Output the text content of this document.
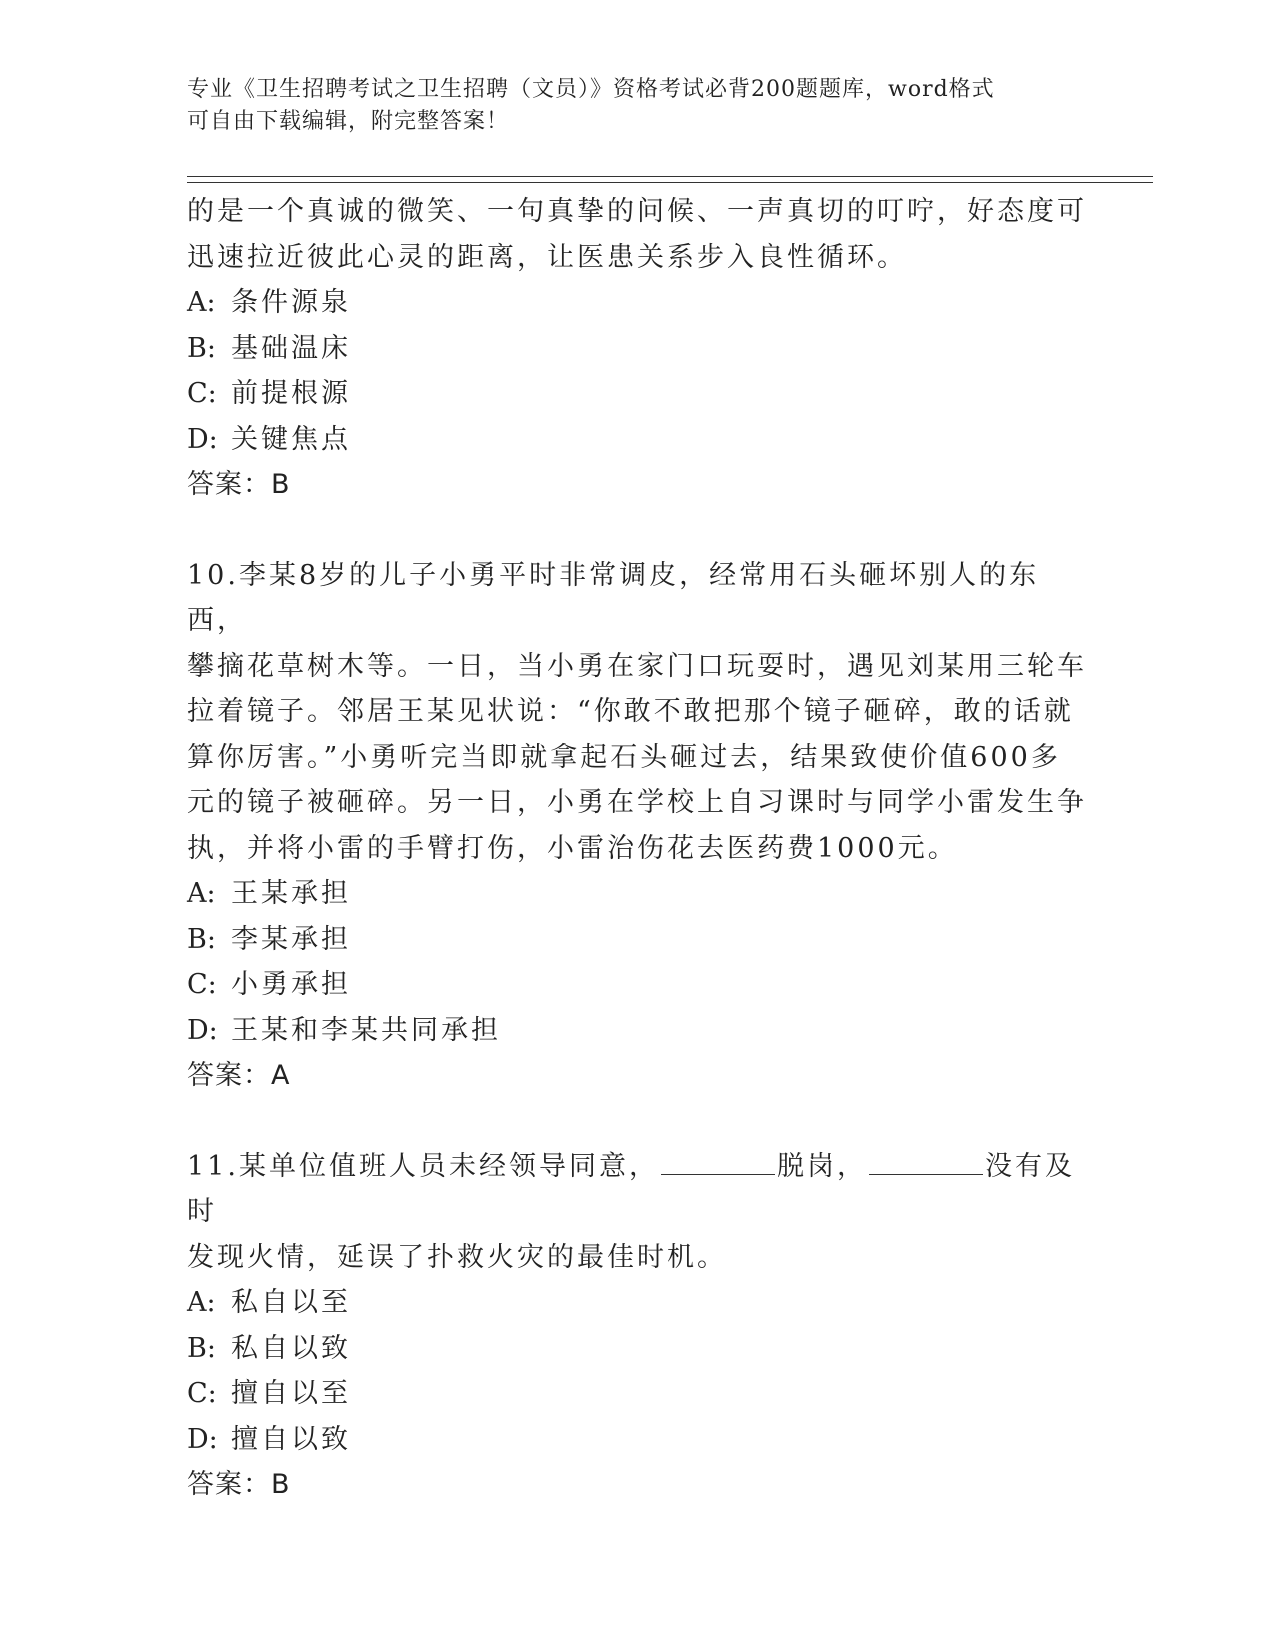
专业《卫生招聘考试之卫生招聘（文员）》资格考试必背200题题库，word格式
可自由下载编辑，附完整答案！

的是一个真诚的微笑、一句真挚的问候、一声真切的叮咛，好态度可

迅速拉近彼此心灵的距离，让医患关系步入良性循环。

A: 条件源泉

B: 基础温床

C: 前提根源

D: 关键焦点

答案：B

10.李某8岁的儿子小勇平时非常调皮，经常用石头砸坏别人的东西，

攀摘花草树木等。一日，当小勇在家门口玩耍时，遇见刘某用三轮车

拉着镜子。邻居王某见状说：“你敢不敢把那个镜子砸碎，敢的话就

算你厉害。”小勇听完当即就拿起石头砸过去，结果致使价值600多

元的镜子被砸碎。另一日，小勇在学校上自习课时与同学小雷发生争

执，并将小雷的手臂打伤，小雷治伤花去医药费1000元。

A: 王某承担

B: 李某承担

C: 小勇承担

D: 王某和李某共同承担

答案：A

11.某单位值班人员未经领导同意，	脱岗，	没有及时

发现火情，延误了扑救火灾的最佳时机。

A: 私自以至

B: 私自以致

C: 擅自以至

D: 擅自以致

答案：B
